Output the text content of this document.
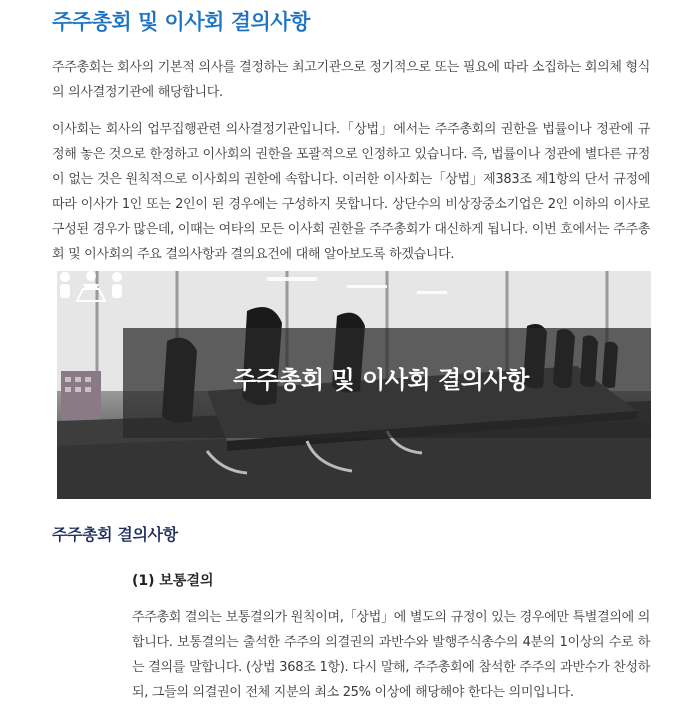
주주총회 및 이사회 결의사항

주주총회는 회사의 기본적 의사를 결정하는 최고기관으로 정기적으로 또는 필요에 따라 소집하는 회의체 형식의 의사결정기관에 해당합니다.

이사회는 회사의 업무집행관련 의사결정기관입니다.「상법」에서는 주주총회의 권한을 법률이나 정관에 규정해 놓은 것으로 한정하고 이사회의 권한을 포괄적으로 인정하고 있습니다. 즉, 법률이나 정관에 별다른 규정이 없는 것은 원칙적으로 이사회의 권한에 속합니다. 이러한 이사회는「상법」제383조 제1항의 단서 규정에 따라 이사가 1인 또는 2인이 된 경우에는 구성하지 못합니다. 상단수의 비상장중소기업은 2인 이하의 이사로 구성된 경우가 많은데, 이때는 여타의 모든 이사회 권한을 주주총회가 대신하게 됩니다. 이번 호에서는 주주총회 및 이사회의 주요 결의사항과 결의요건에 대해 알아보도록 하겠습니다.

주주총회 및 이사회 결의사항
주주총회 결의사항
(1) 보통결의

주주총회 결의는 보통결의가 원칙이며,「상법」에 별도의 규정이 있는 경우에만 특별결의에 의합니다. 보통결의는 출석한 주주의 의결권의 과반수와 발행주식총수의 4분의 1이상의 수로 하는 결의를 말합니다. (상법 368조 1항). 다시 말해, 주주총회에 참석한 주주의 과반수가 찬성하되, 그들의 의결권이 전체 지분의 최소 25% 이상에 해당해야 한다는 의미입니다.
